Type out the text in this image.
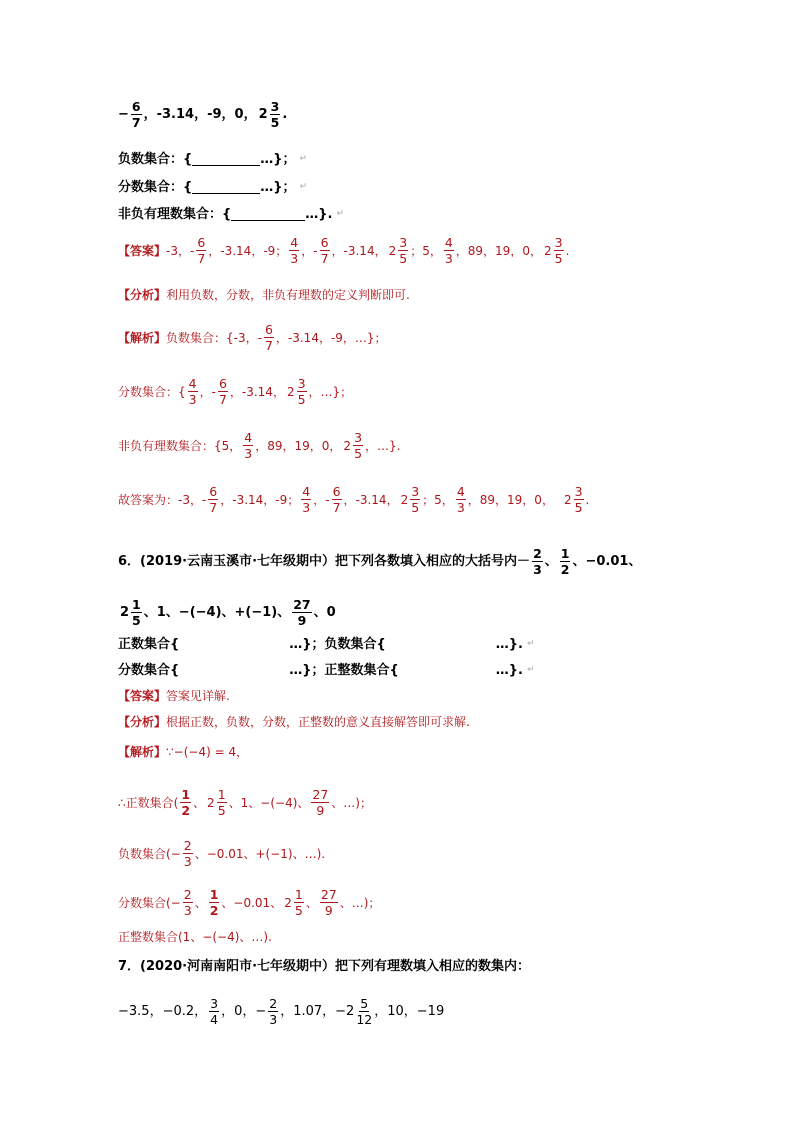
− $\frac{6}{7}$ ，-3.14，-9，0， $2 \frac{3}{5}$ .
负数集合：{	…}； ↵
分数集合：{	…}； ↵
非负有理数集合：{	…}. ↵
【答案】 -3，- $\frac{6}{7}$ ，-3.14，-9； $\frac{4}{3}$ ，- $\frac{6}{7}$ ，-3.14， $2 \frac{3}{5}$ ；5， $\frac{4}{3}$ ，89，19，0， $2 \frac{3}{5}$ .
【分析】 利用负数，分数，非负有理数的定义判断即可.
【解析】 负数集合：{-3，- $\frac{6}{7}$ ，-3.14，-9，…}；
分数集合：{ $\frac{4}{3}$ ，- $\frac{6}{7}$ ，-3.14， $2 \frac{3}{5}$ ，…}；
非负有理数集合：{5， $\frac{4}{3}$ ，89，19，0， $2 \frac{3}{5}$ ，…}.
故答案为：-3，- $\frac{6}{7}$ ，-3.14，-9； $\frac{4}{3}$ ，- $\frac{6}{7}$ ，-3.14， $2 \frac{3}{5}$ ；5， $\frac{4}{3}$ ，89，19，0， $2 \frac{3}{5}$ .
6．(2019·云南玉溪市·七年级期中）把下列各数填入相应的大括号内 － $\frac{2}{3}$ 、 $\frac{1}{2}$ 、−0.01、
$2 \frac{1}{5}$ 、1、−(−4)、+(−1)、 $\frac{27}{9}$ 、0
正数集合{	…}； 负数集合{	…}. ↵
分数集合{	…}； 正整数集合{	…}. ↵
【答案】 答案见详解.
【分析】 根据正数，负数，分数，正整数的意义直接解答即可求解.
【解析】 ∵−(−4) = 4，
∴正数集合( $\frac{1}{2}$ 、 $2 \frac{1}{5}$ 、1、−(−4)、 $\frac{27}{9}$ 、…)；
负数集合(− $\frac{2}{3}$ 、−0.01、+(−1)、…).
分数集合(− $\frac{2}{3}$ 、 $\frac{1}{2}$ 、−0.01、 $2 \frac{1}{5}$ 、 $\frac{27}{9}$ 、…)；
正整数集合(1、−(−4)、…).
7．(2020·河南南阳市·七年级期中）把下列有理数填入相应的数集内：
−3.5，−0.2， $\frac{3}{4}$ ，0，− $\frac{2}{3}$ ，1.07，$-2 \frac{5}{12}$ ，10，−19
